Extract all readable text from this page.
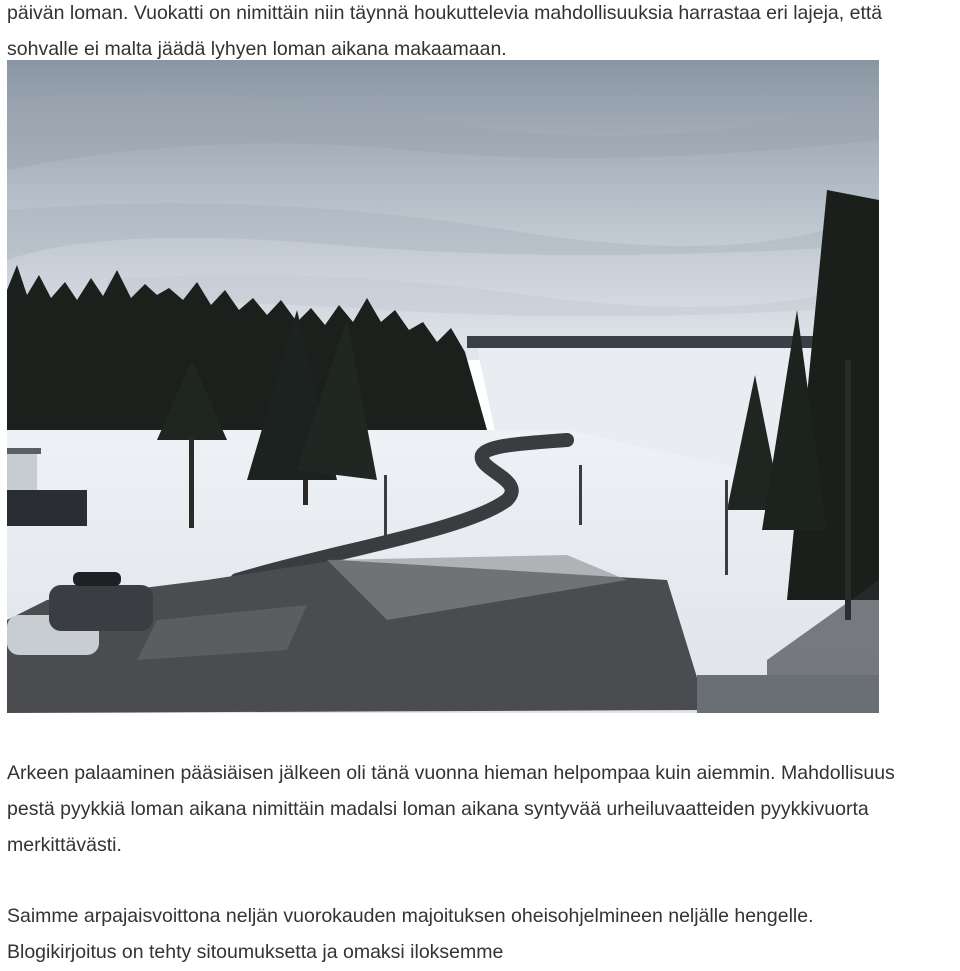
päivän loman. Vuokatti on nimittäin niin täynnä houkuttelevia mahdollisuuksia harrastaa eri lajeja, että
sohvalle ei malta jäädä lyhyen loman aikana makaamaan.

Arkeen palaaminen pääsiäisen jälkeen oli tänä vuonna hieman helpompaa kuin aiemmin. Mahdollisuus
pestä pyykkiä loman aikana nimittäin madalsi loman aikana syntyvää urheiluvaatteiden pyykkivuorta
merkittävästi.

Saimme arpajaisvoittona neljän vuorokauden majoituksen oheisohjelmineen neljälle hengelle.
Blogikirjoitus on tehty sitoumuksetta ja omaksi iloksemme
